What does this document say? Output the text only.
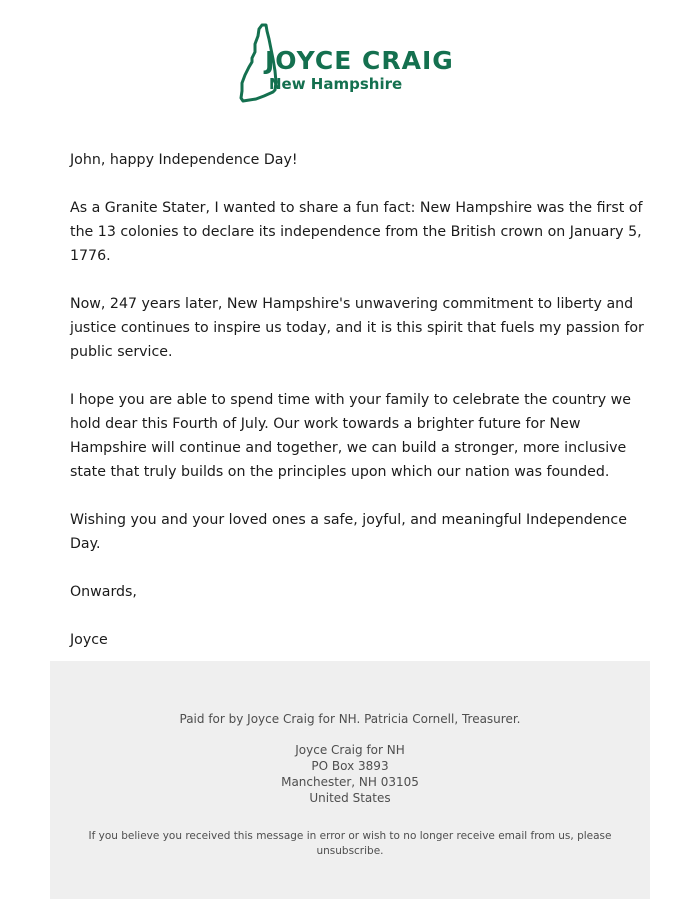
JOYCE CRAIG
New Hampshire

John, happy Independence Day!

As a Granite Stater, I wanted to share a fun fact: New Hampshire was the first of the 13 colonies to declare its independence from the British crown on January 5, 1776.

Now, 247 years later, New Hampshire's unwavering commitment to liberty and justice continues to inspire us today, and it is this spirit that fuels my passion for public service.

I hope you are able to spend time with your family to celebrate the country we hold dear this Fourth of July. Our work towards a brighter future for New Hampshire will continue and together, we can build a stronger, more inclusive state that truly builds on the principles upon which our nation was founded.

Wishing you and your loved ones a safe, joyful, and meaningful Independence Day.

Onwards,

Joyce

Paid for by Joyce Craig for NH. Patricia Cornell, Treasurer.
Joyce Craig for NH
PO Box 3893
Manchester, NH 03105
United States
If you believe you received this message in error or wish to no longer receive email from us, please unsubscribe.
